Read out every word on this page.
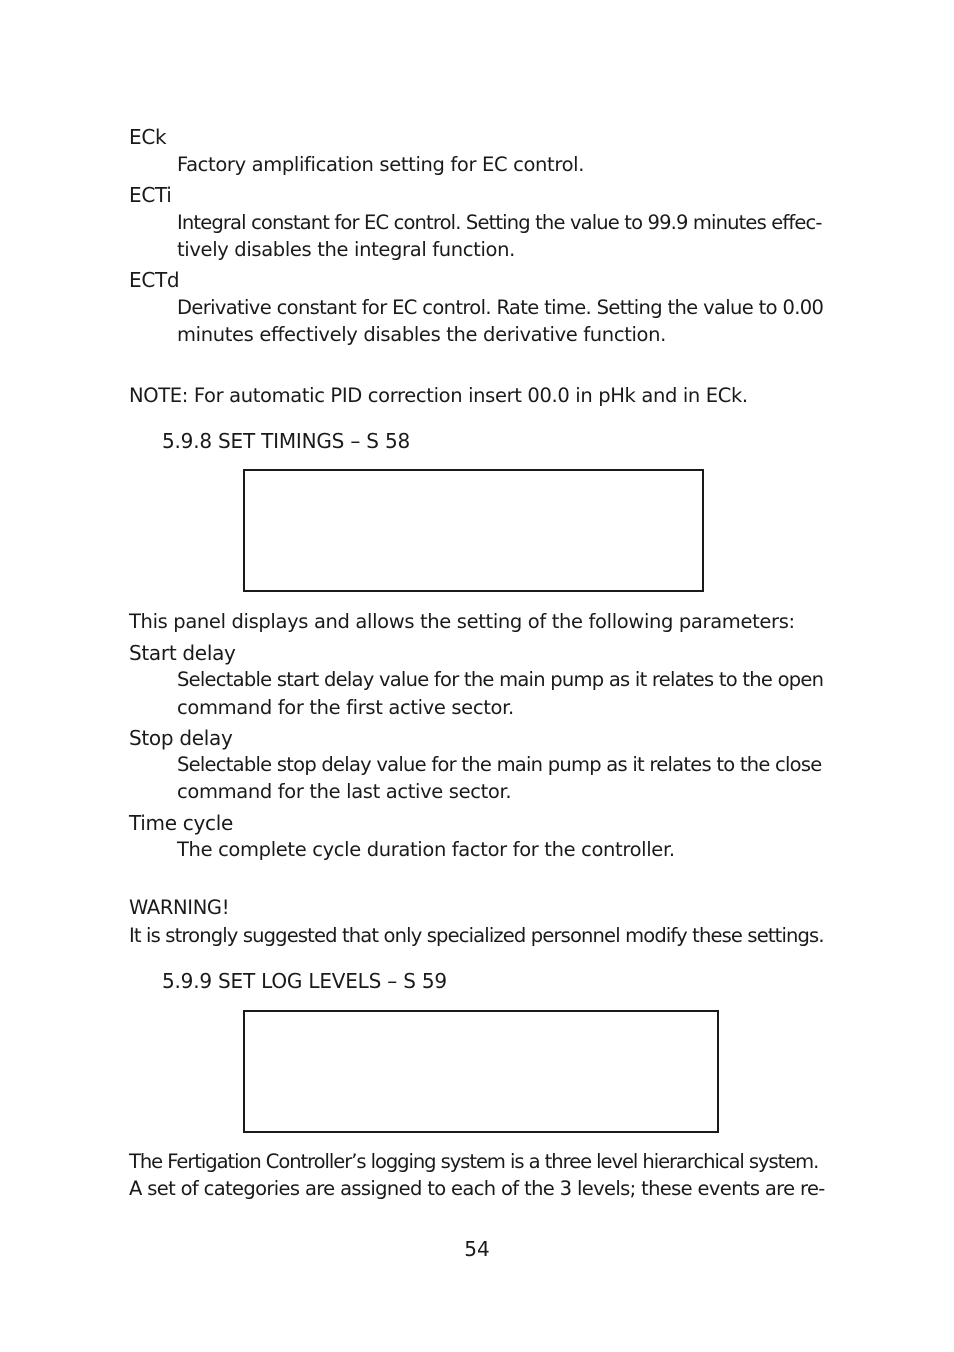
ECk
Factory amplification setting for EC control.
ECTi
Integral constant for EC control. Setting the value to 99.9 minutes effec-
tively disables the integral function.
ECTd
Derivative constant for EC control. Rate time. Setting the value to 0.00
minutes effectively disables the derivative function.
NOTE: For automatic PID correction insert 00.0 in pHk and in ECk.
5.9.8 SET TIMINGS – S 58
This panel displays and allows the setting of the following parameters:
Start delay
Selectable start delay value for the main pump as it relates to the open
command for the first active sector.
Stop delay
Selectable stop delay value for the main pump as it relates to the close
command for the last active sector.
Time cycle
The complete cycle duration factor for the controller.
WARNING!
It is strongly suggested that only specialized personnel modify these settings.
5.9.9 SET LOG LEVELS – S 59
The Fertigation Controller’s logging system is a three level hierarchical system.
A set of categories are assigned to each of the 3 levels; these events are re-
54
